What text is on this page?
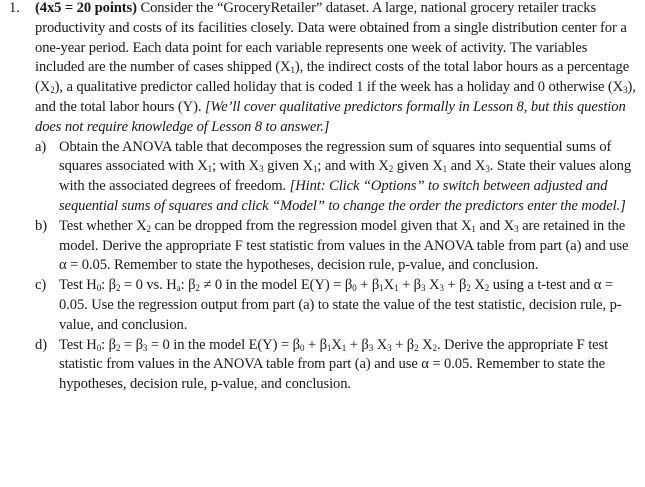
1.	(4x5 = 20 points) Consider the “GroceryRetailer” dataset. A large, national grocery retailer tracks productivity and costs of its facilities closely. Data were obtained from a single distribution center for a one-year period. Each data point for each variable represents one week of activity. The variables included are the number of cases shipped $(X_1)$, the indirect costs of the total labor hours as a percentage $(X_2)$, a qualitative predictor called holiday that is coded 1 if the week has a holiday and 0 otherwise $(X_3)$, and the total labor hours (Y). [We’ll cover qualitative predictors formally in Lesson 8, but this question does not require knowledge of Lesson 8 to answer.]
a) Obtain the ANOVA table that decomposes the regression sum of squares into sequential sums of squares associated with $X_1$; with $X_3$ given $X_1$; and with $X_2$ given $X_1$ and $X_3$. State their values along with the associated degrees of freedom. [Hint: Click “Options” to switch between adjusted and sequential sums of squares and click “Model” to change the order the predictors enter the model.]
b) Test whether $X_2$ can be dropped from the regression model given that $X_1$ and $X_3$ are retained in the model. Derive the appropriate F test statistic from values in the ANOVA table from part (a) and use α = 0.05. Remember to state the hypotheses, decision rule, p-value, and conclusion.
c) Test $H_0$: $\beta_2 = 0$ vs. $H_a$: $\beta_2 \ne 0$ in the model $E(Y) = \beta_0 + \beta_1X_1 + \beta_3$ $X_3 + \beta_2$ $X_2$ using a t-test and α = 0.05. Use the regression output from part (a) to state the value of the test statistic, decision rule, p-value, and conclusion.
d) Test $H_0$: $\beta_2 = \beta_3 = 0$ in the model $E(Y) = \beta_0 + \beta_1X_1 + \beta_3$ $X_3 + \beta_2$ $X_2$. Derive the appropriate F test statistic from values in the ANOVA table from part (a) and use α = 0.05. Remember to state the hypotheses, decision rule, p-value, and conclusion.
